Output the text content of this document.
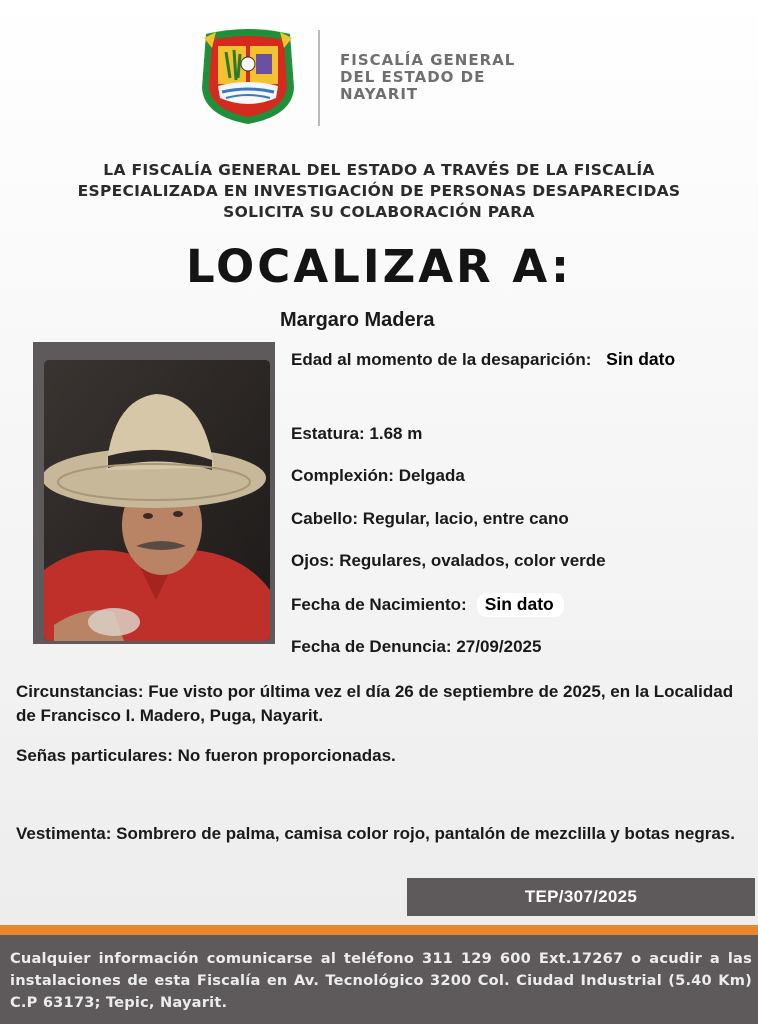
FISCALÍA GENERAL
DEL ESTADO DE
NAYARIT
LA FISCALÍA GENERAL DEL ESTADO A TRAVÉS DE LA FISCALÍA
ESPECIALIZADA EN INVESTIGACIÓN DE PERSONAS DESAPARECIDAS
SOLICITA SU COLABORACIÓN PARA
LOCALIZAR A:
Margaro Madera
Edad al momento de la desaparición: Sin dato
Estatura: 1.68 m
Complexión: Delgada
Cabello: Regular, lacio, entre cano
Ojos: Regulares, ovalados, color verde
Fecha de Nacimiento: Sin dato
Fecha de Denuncia: 27/09/2025
Circunstancias: Fue visto por última vez el día 26 de septiembre de 2025, en la Localidad de Francisco I. Madero, Puga, Nayarit.
Señas particulares: No fueron proporcionadas.
Vestimenta: Sombrero de palma, camisa color rojo, pantalón de mezclilla y botas negras.
TEP/307/2025
Cualquier información comunicarse al teléfono 311 129 600 Ext.17267 o acudir a las instalaciones de esta Fiscalía en Av. Tecnológico 3200 Col. Ciudad Industrial (5.40 Km) C.P 63173; Tepic, Nayarit.
